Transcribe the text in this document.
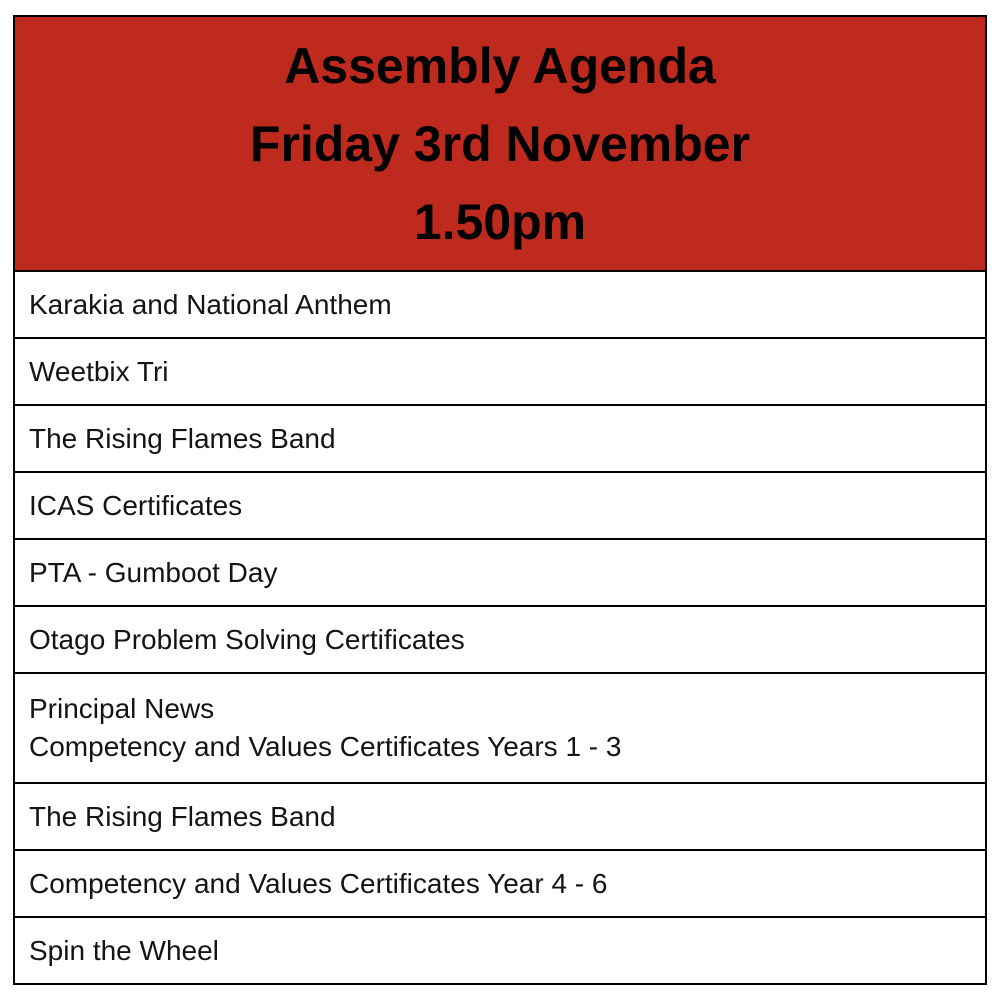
Assembly Agenda
Friday 3rd November
1.50pm
Karakia and National Anthem
Weetbix Tri
The Rising Flames Band
ICAS Certificates
PTA - Gumboot Day
Otago Problem Solving Certificates
Principal News
Competency and Values Certificates Years 1 - 3
The Rising Flames Band
Competency and Values Certificates Year 4 - 6
Spin the Wheel
